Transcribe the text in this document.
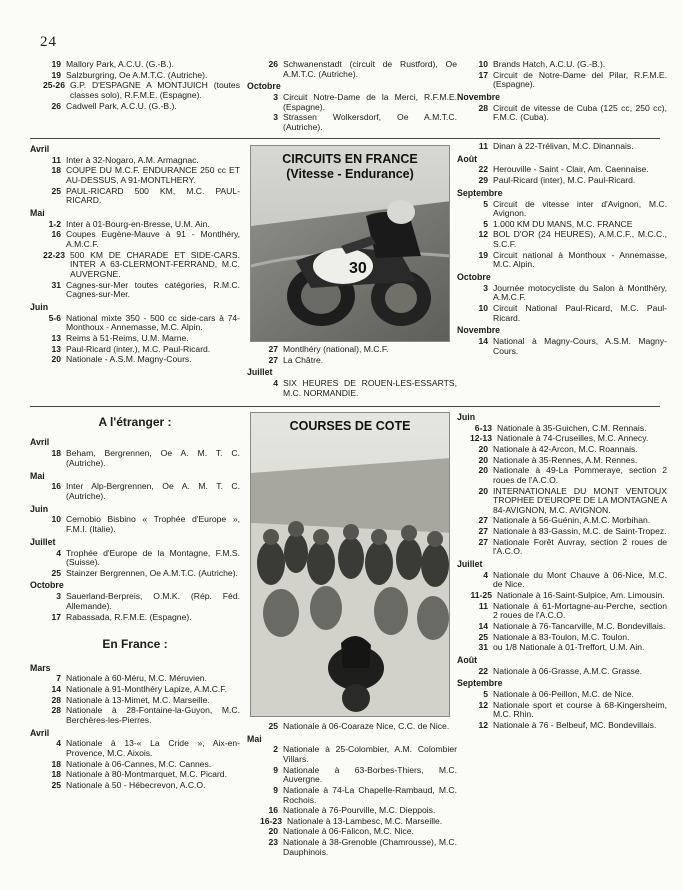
24
19 Mallory Park, A.C.U. (G.-B.).
19 Salzburgring, Oe A.M.T.C. (Autriche).
25-26 G.P. D'ESPAGNE A MONTJUICH (toutes classes solo), R.F.M.E. (Espagne).
26 Cadwell Park, A.C.U. (G.-B.).
26 Schwanenstadt (circuit de Rustford), Oe A.M.T.C. (Autriche).
Octobre
3 Circuit Notre-Dame de la Merci, R.F.M.E. (Espagne).
3 Strassen Wolkersdorf, Oe A.M.T.C. (Autriche).
10 Brands Hatch, A.C.U. (G.-B.).
17 Circuit de Notre-Dame del Pilar, R.F.M.E. (Espagne).
Novembre
28 Circuit de vitesse de Cuba (125 cc, 250 cc), F.M.C. (Cuba).
Avril
11 Inter à 32-Nogaro, A.M. Armagnac.
18 COUPE DU M.C.F. ENDURANCE 250 cc ET AU-DESSUS, A 91-MONTLHERY.
25 PAUL-RICARD 500 KM, M.C. PAUL-RICARD.
Mai
1-2 Inter à 01-Bourg-en-Bresse, U.M. Ain.
16 Coupes Eugène-Mauve à 91 - Montlhéry, A.M.C.F.
22-23 500 KM DE CHARADE ET SIDE-CARS. INTER A 63-CLERMONT-FERRAND, M.C. AUVERGNE.
31 Cagnes-sur-Mer toutes catégories, R.M.C. Cagnes-sur-Mer.
Juin
5-6 National mixte 350 - 500 cc side-cars à 74-Monthoux - Annemasse, M.C. Alpin.
13 Reims à 51-Reims, U.M. Marne.
13 Paul-Ricard (inter.), M.C. Paul-Ricard.
20 Nationale - A.S.M. Magny-Cours.
30
CIRCUITS EN FRANCE
(Vitesse - Endurance)
27 Montlhéry (national), M.C.F.
27 La Châtre.
Juillet
4 SIX HEURES DE ROUEN-LES-ESSARTS, M.C. NORMANDIE.
11 Dinan à 22-Trélivan, M.C. Dinannais.
Août
22 Herouville - Saint - Clair, Am. Caennaise.
29 Paul-Ricard (inter), M.C. Paul-Ricard.
Septembre
5 Circuit de vitesse inter d'Avignon, M.C. Avignon.
5 1.000 KM DU MANS, M.C. FRANCE
12 BOL D'OR (24 HEURES), A.M.C.F., M.C.C., S.C.F.
19 Circuit national à Monthoux - Annemasse, M.C. Alpin.
Octobre
3 Journée motocycliste du Salon à Montlhéry, A.M.C.F.
10 Circuit National Paul-Ricard, M.C. Paul-Ricard.
Novembre
14 National à Magny-Cours, A.S.M. Magny-Cours.
A l'étranger :
Avril
18 Beham, Bergrennen, Oe A. M. T. C. (Autriche).
Mai
16 Inter Alp-Bergrennen, Oe A. M. T. C. (Autriche).
Juin
10 Cernobio Bisbino « Trophée d'Europe », F.M.I. (Italie).
Juillet
4 Trophée d'Europe de la Montagne, F.M.S. (Suisse).
25 Stainzer Bergrennen, Oe A.M.T.C. (Autriche).
Octobre
3 Sauerland-Berpreis, O.M.K. (Rép. Féd. Allemande).
17 Rabassada, R.F.M.E. (Espagne).
En France :
Mars
7 Nationale à 60-Méru, M.C. Méruvien.
14 Nationale à 91-Montlhéry Lapize, A.M.C.F.
28 Nationale à 13-Mimet, M.C. Marseille.
28 Nationale à 28-Fontaine-la-Guyon, M.C. Berchères-les-Pierres.
Avril
4 Nationale à 13-« La Cride », Aix-en-Provence, M.C. Aixois.
18 Nationale à 06-Cannes, M.C. Cannes.
18 Nationale à 80-Montmarquet, M.C. Picard.
25 Nationale à 50 - Hébecrevon, A.C.O.
COURSES DE COTE
25 Nationale à 06-Coaraze Nice, C.C. de Nice.
Mai
2 Nationale à 25-Colombier, A.M. Colombier Villars.
9 Nationale à 63-Borbes-Thiers, M.C. Auvergne.
9 Nationale à 74-La Chapelle-Rambaud, M.C. Rochois.
16 Nationale à 76-Pourville, M.C. Dieppois.
16-23 Nationale à 13-Lambesc, M.C. Marseille.
20 Nationale à 06-Falicon, M.C. Nice.
23 Nationale à 38-Grenoble (Chamrousse), M.C. Dauphinois.
Juin
6-13 Nationale à 35-Guichen, C.M. Rennais.
12-13 Nationale à 74-Cruseilles, M.C. Annecy.
20 Nationale à 42-Arcon, M.C. Roannais.
20 Nationale à 35-Rennes, A.M. Rennes.
20 Nationale à 49-La Pommeraye, section 2 roues de l'A.C.O.
20 INTERNATIONALE DU MONT VENTOUX TROPHEE D'EUROPE DE LA MONTAGNE A 84-AVIGNON, M.C. AVIGNON.
27 Nationale à 56-Guénin, A.M.C. Morbihan.
27 Nationale à 83-Gassin, M.C. de Saint-Tropez.
27 Nationale Forêt Auvray, section 2 roues de l'A.C.O.
Juillet
4 Nationale du Mont Chauve à 06-Nice, M.C. de Nice.
11-25 Nationale à 16-Saint-Sulpice, Am. Limousin.
11 Nationale à 61-Mortagne-au-Perche, section 2 roues de l'A.C.O.
14 Nationale à 76-Tancarville, M.C. Bondevillais.
25 Nationale à 83-Toulon, M.C. Toulon.
31 ou 1/8 Nationale à 01-Treffort, U.M. Ain.
Août
22 Nationale à 06-Grasse, A.M.C. Grasse.
Septembre
5 Nationale à 06-Peillon, M.C. de Nice.
12 Nationale sport et course à 68-Kingersheim, M.C. Rhin.
12 Nationale à 76 - Belbeuf, MC. Bondevillais.
